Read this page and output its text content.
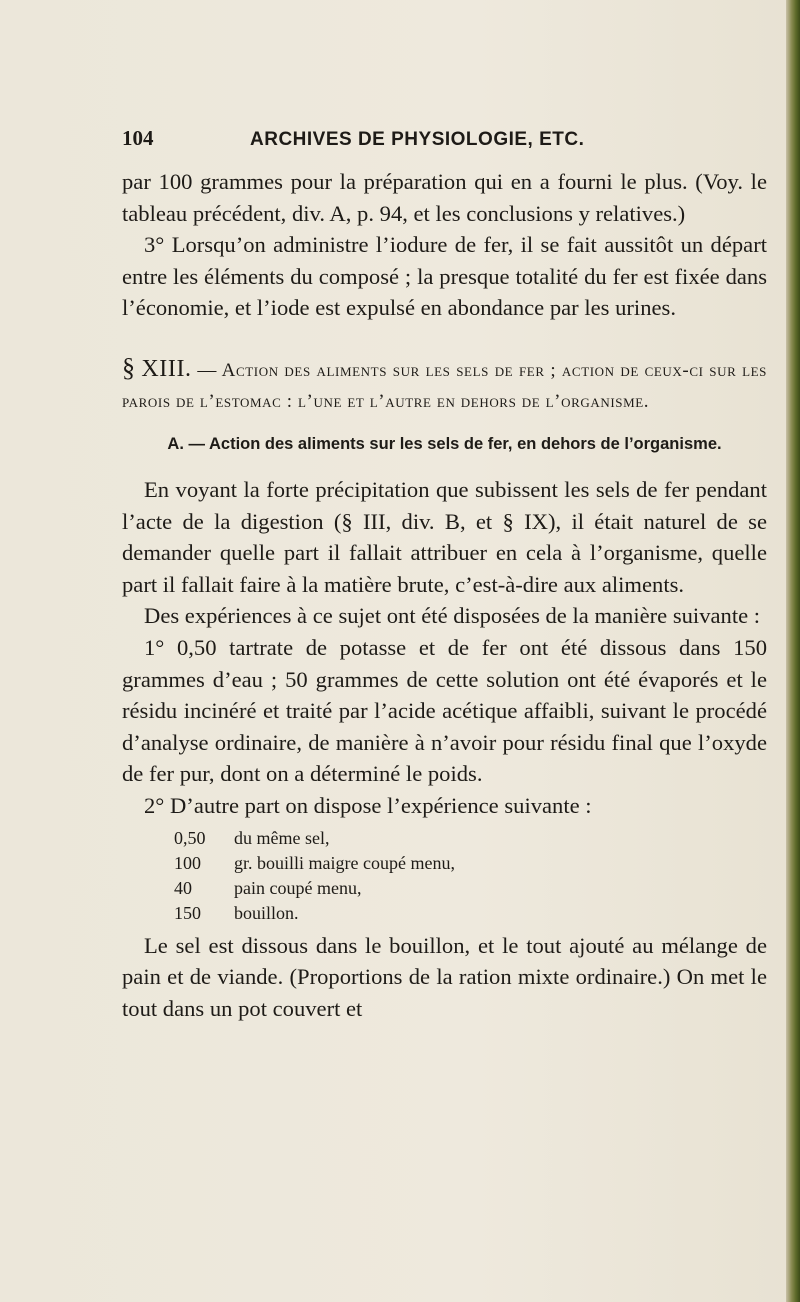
104	ARCHIVES DE PHYSIOLOGIE, ETC.

par 100 grammes pour la préparation qui en a fourni le plus. (Voy. le tableau précédent, div. A, p. 94, et les conclusions y relatives.)

3° Lorsqu’on administre l’iodure de fer, il se fait aussitôt un départ entre les éléments du composé ; la presque totalité du fer est fixée dans l’économie, et l’iode est expulsé en abondance par les urines.

§ XIII. — Action des aliments sur les sels de fer ; action de ceux-ci sur les parois de l’estomac : l’une et l’autre en dehors de l’organisme.

A. — Action des aliments sur les sels de fer, en dehors de l’organisme.

En voyant la forte précipitation que subissent les sels de fer pendant l’acte de la digestion (§ III, div. B, et § IX), il était naturel de se demander quelle part il fallait attribuer en cela à l’organisme, quelle part il fallait faire à la matière brute, c’est-à-dire aux aliments.

Des expériences à ce sujet ont été disposées de la manière suivante :

1° 0,50 tartrate de potasse et de fer ont été dissous dans 150 grammes d’eau ; 50 grammes de cette solution ont été évaporés et le résidu incinéré et traité par l’acide acétique affaibli, suivant le procédé d’analyse ordinaire, de manière à n’avoir pour résidu final que l’oxyde de fer pur, dont on a déterminé le poids.

2° D’autre part on dispose l’expérience suivante :

0,50	du même sel,
100	gr. bouilli maigre coupé menu,
40	pain coupé menu,
150	bouillon.

Le sel est dissous dans le bouillon, et le tout ajouté au mélange de pain et de viande. (Proportions de la ration mixte ordinaire.) On met le tout dans un pot couvert et
